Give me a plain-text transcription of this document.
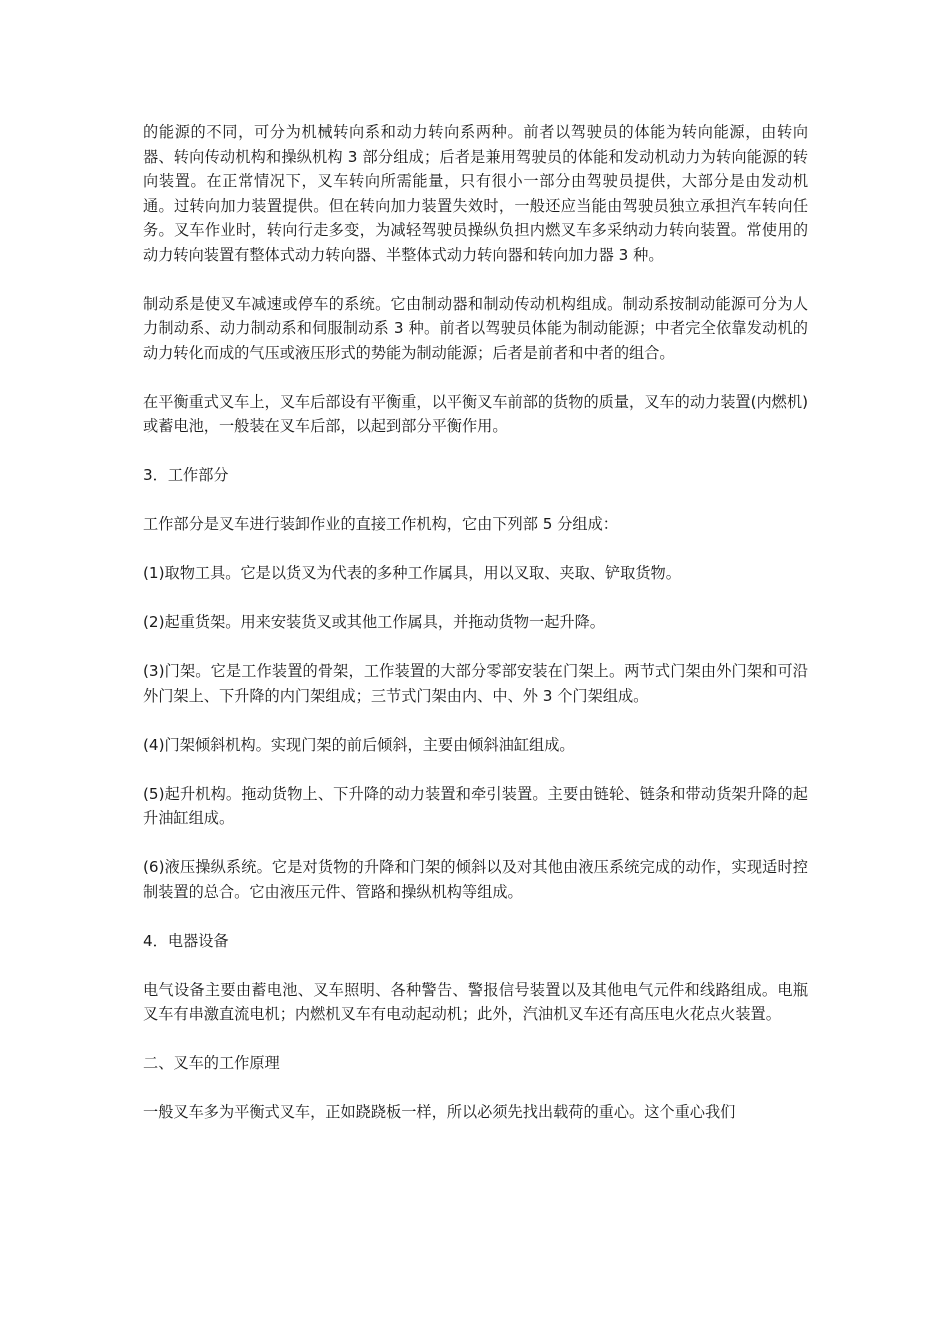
的能源的不同，可分为机械转向系和动力转向系两种。前者以驾驶员的体能为转向能源，由转向器、转向传动机构和操纵机构 3 部分组成；后者是兼用驾驶员的体能和发动机动力为转向能源的转向装置。在正常情况下，叉车转向所需能量，只有很小一部分由驾驶员提供，大部分是由发动机通。过转向加力装置提供。但在转向加力装置失效时，一般还应当能由驾驶员独立承担汽车转向任务。叉车作业时，转向行走多变，为减轻驾驶员操纵负担内燃叉车多采纳动力转向装置。常使用的动力转向装置有整体式动力转向器、半整体式动力转向器和转向加力器 3 种。

制动系是使叉车减速或停车的系统。它由制动器和制动传动机构组成。制动系按制动能源可分为人力制动系、动力制动系和伺服制动系 3 种。前者以驾驶员体能为制动能源；中者完全依靠发动机的动力转化而成的气压或液压形式的势能为制动能源；后者是前者和中者的组合。

在平衡重式叉车上，叉车后部设有平衡重，以平衡叉车前部的货物的质量，叉车的动力装置(内燃机)或蓄电池，一般装在叉车后部，以起到部分平衡作用。

3．工作部分

工作部分是叉车进行装卸作业的直接工作机构，它由下列部 5 分组成：

(1)取物工具。它是以货叉为代表的多种工作属具，用以叉取、夹取、铲取货物。

(2)起重货架。用来安装货叉或其他工作属具，并拖动货物一起升降。

(3)门架。它是工作装置的骨架，工作装置的大部分零部安装在门架上。两节式门架由外门架和可沿外门架上、下升降的内门架组成；三节式门架由内、中、外 3 个门架组成。

(4)门架倾斜机构。实现门架的前后倾斜，主要由倾斜油缸组成。

(5)起升机构。拖动货物上、下升降的动力装置和牵引装置。主要由链轮、链条和带动货架升降的起升油缸组成。

(6)液压操纵系统。它是对货物的升降和门架的倾斜以及对其他由液压系统完成的动作，实现适时控制装置的总合。它由液压元件、管路和操纵机构等组成。

4．电器设备

电气设备主要由蓄电池、叉车照明、各种警告、警报信号装置以及其他电气元件和线路组成。电瓶叉车有串激直流电机；内燃机叉车有电动起动机；此外，汽油机叉车还有高压电火花点火装置。

二、叉车的工作原理

一般叉车多为平衡式叉车，正如跷跷板一样，所以必须先找出载荷的重心。这个重心我们
